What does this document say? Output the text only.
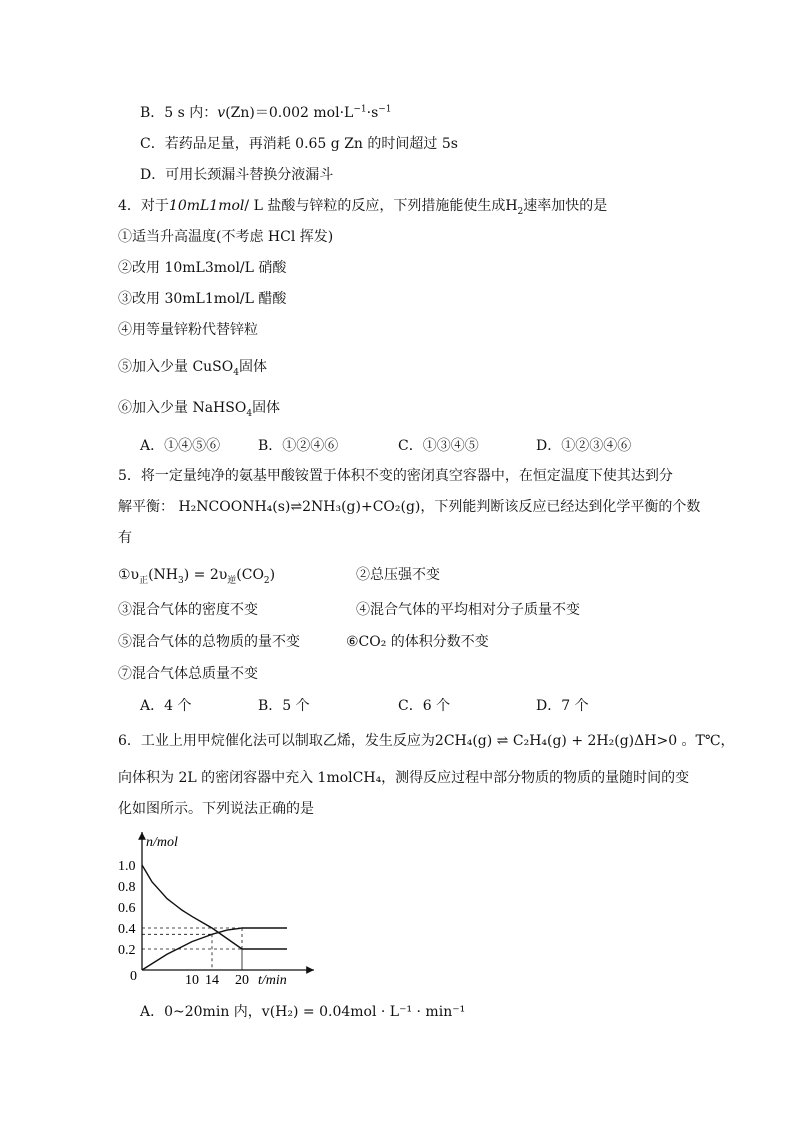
B．5 s 内：v(Zn)＝0.002 $mol\cdot L^{-1}\cdot s^{-1}$
C．若药品足量，再消耗 0.65 g Zn 的时间超过 5s
D．可用长颈漏斗替换分液漏斗
4．对于10mL1mol/ L 盐酸与锌粒的反应，下列措施能使生成$H_2$速率加快的是
①适当升高温度(不考虑 HCl 挥发)
②改用 10mL3mol/L 硝酸
③改用 30mL1mol/L 醋酸
④用等量锌粉代替锌粒
⑤加入少量 CuSO$_4$固体
⑥加入少量 NaHSO$_4$固体
A．①④⑤⑥	B．①②④⑥	C．①③④⑤	D．①②③④⑥
5．将一定量纯净的氨基甲酸铵置于体积不变的密闭真空容器中，在恒定温度下使其达到分
解平衡： H₂NCOONH₄(s)⇌2NH₃(g)+CO₂(g)，下列能判断该反应已经达到化学平衡的个数
有
$①\upsilon_正(NH_3) = 2\upsilon_逆(CO_2)$	②总压强不变
③混合气体的密度不变	④混合气体的平均相对分子质量不变
⑤混合气体的总物质的量不变	⑥CO₂ 的体积分数不变
⑦混合气体总质量不变
A．4 个	B．5 个	C．6 个	D．7 个
6．工业上用甲烷催化法可以制取乙烯，发生反应为2CH₄(g) ⇌ C₂H₄(g) + 2H₂(g)ΔH>0 。T℃，
向体积为 2L 的密闭容器中充入 1molCH₄，测得反应过程中部分物质的物质的量随时间的变
化如图所示。下列说法正确的是
1.0
0.8
0.6
0.4
0.2
10 14 20
n/mol
t/min
0
A．0~20min 内，v(H₂) = 0.04mol · L⁻¹ · min⁻¹
